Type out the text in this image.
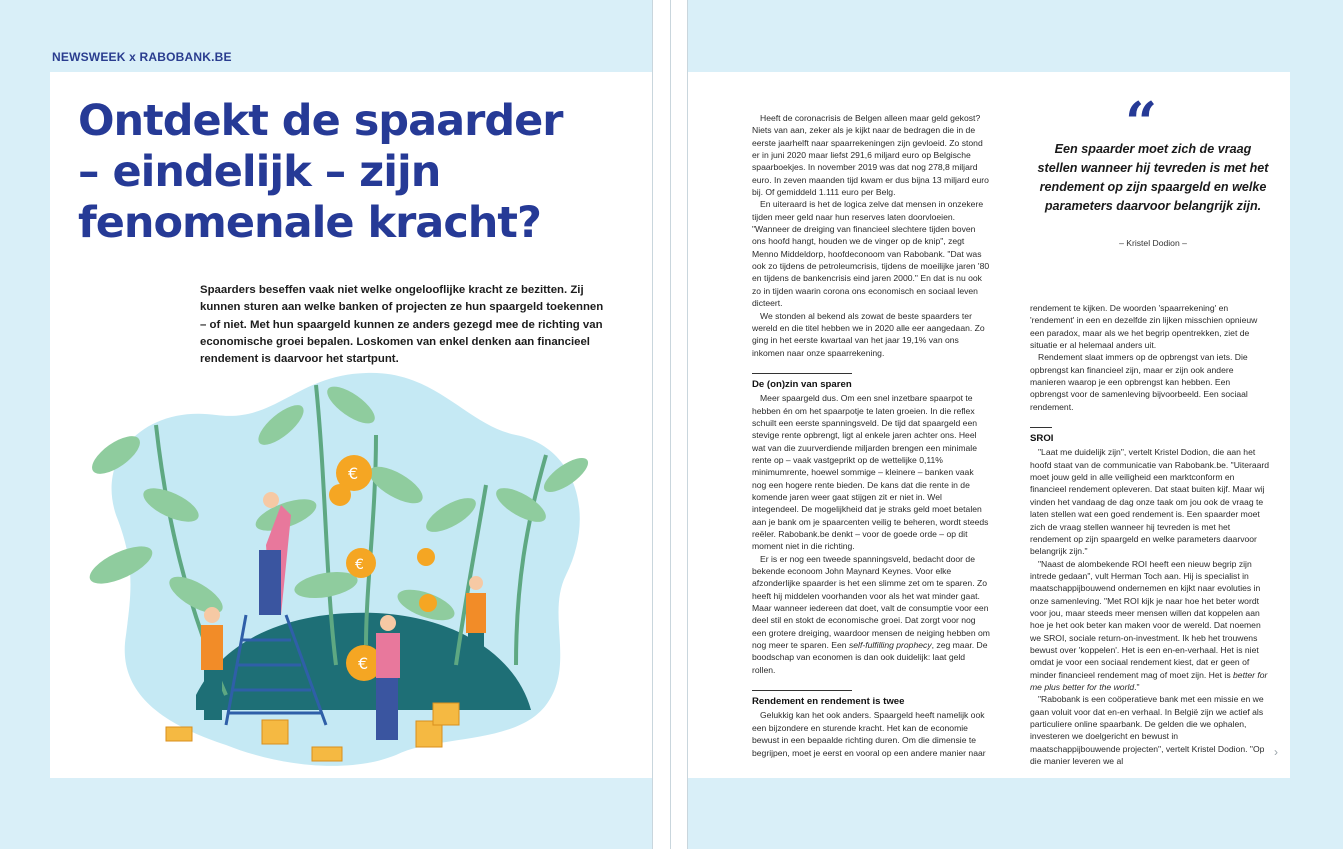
NEWSWEEK x RABOBANK.BE
Ontdekt de spaarder
– eindelijk – zijn
fenomenale kracht?

Spaarders beseffen vaak niet welke ongelooflijke kracht ze bezitten. Zij kunnen sturen aan welke banken of projecten ze hun spaargeld toekennen – of niet. Met hun spaargeld kunnen ze anders gezegd mee de richting van economische groei bepalen. Loskomen van enkel denken aan financieel rendement is daarvoor het startpunt.

€
€
€
“

Een spaarder moet zich de vraag stellen wanneer hij tevreden is met het rendement op zijn spaargeld en welke parameters daarvoor belangrijk zijn.

– Kristel Dodion –

Heeft de coronacrisis de Belgen alleen maar geld gekost? Niets van aan, zeker als je kijkt naar de bedragen die in de eerste jaarhelft naar spaarrekeningen zijn gevloeid. Zo stond er in juni 2020 maar liefst 291,6 miljard euro op Belgische spaarboekjes. In november 2019 was dat nog 278,8 miljard euro. In zeven maanden tijd kwam er dus bijna 13 miljard euro bij. Of gemiddeld 1.111 euro per Belg.

En uiteraard is het de logica zelve dat mensen in onzekere tijden meer geld naar hun reserves laten doorvloeien. "Wanneer de dreiging van financieel slechtere tijden boven ons hoofd hangt, houden we de vinger op de knip", zegt Menno Middeldorp, hoofdeconoom van Rabobank. "Dat was ook zo tijdens de petroleumcrisis, tijdens de moeilijke jaren '80 en tijdens de bankencrisis eind jaren 2000." En dat is nu ook zo in tijden waarin corona ons economisch en sociaal leven dicteert.

We stonden al bekend als zowat de beste spaarders ter wereld en die titel hebben we in 2020 alle eer aangedaan. Zo ging in het eerste kwartaal van het jaar 19,1% van ons inkomen naar onze spaarrekening.

De (on)zin van sparen

Meer spaargeld dus. Om een snel inzetbare spaarpot te hebben én om het spaarpotje te laten groeien. In die reflex schuilt een eerste spanningsveld. De tijd dat spaargeld een stevige rente opbrengt, ligt al enkele jaren achter ons. Heel wat van die zuurverdiende miljarden brengen een minimale rente op – vaak vastgeprikt op de wettelijke 0,11% minimumrente, hoewel sommige – kleinere – banken vaak nog een hogere rente bieden. De kans dat die rente in de komende jaren weer gaat stijgen zit er niet in. Wel integendeel. De mogelijkheid dat je straks geld moet betalen aan je bank om je spaarcenten veilig te beheren, wordt steeds reëler. Rabobank.be denkt – voor de goede orde – op dit moment niet in die richting.

Er is er nog een tweede spanningsveld, bedacht door de bekende econoom John Maynard Keynes. Voor elke afzonderlijke spaarder is het een slimme zet om te sparen. Zo heeft hij middelen voorhanden voor als het wat minder gaat. Maar wanneer iedereen dat doet, valt de consumptie voor een deel stil en stokt de economische groei. Dat zorgt voor nog een grotere dreiging, waardoor mensen de neiging hebben om nog meer te sparen. Een self-fulfilling prophecy, zeg maar. De boodschap van economen is dan ook duidelijk: laat geld rollen.

Rendement en rendement is twee

Gelukkig kan het ook anders. Spaargeld heeft namelijk ook een bijzondere en sturende kracht. Het kan de economie bewust in een bepaalde richting duren. Om die dimensie te begrijpen, moet je eerst en vooral op een andere manier naar

rendement te kijken. De woorden 'spaarrekening' en 'rendement' in een en dezelfde zin lijken misschien opnieuw een paradox, maar als we het begrip opentrekken, ziet de situatie er al helemaal anders uit.

Rendement slaat immers op de opbrengst van iets. Die opbrengst kan financieel zijn, maar er zijn ook andere manieren waarop je een opbrengst kan hebben. Een opbrengst voor de samenleving bijvoorbeeld. Een sociaal rendement.

SROI

"Laat me duidelijk zijn", vertelt Kristel Dodion, die aan het hoofd staat van de communicatie van Rabobank.be. "Uiteraard moet jouw geld in alle veiligheid een marktconform en financieel rendement opleveren. Dat staat buiten kijf. Maar wij vinden het vandaag de dag onze taak om jou ook de vraag te laten stellen wat een goed rendement is. Een spaarder moet zich de vraag stellen wanneer hij tevreden is met het rendement op zijn spaargeld en welke parameters daarvoor belangrijk zijn."

"Naast de alombekende ROI heeft een nieuw begrip zijn intrede gedaan", vult Herman Toch aan. Hij is specialist in maatschappijbouwend ondernemen en kijkt naar evoluties in onze samenleving. "Met ROI kijk je naar hoe het beter wordt voor jou, maar steeds meer mensen willen dat koppelen aan hoe je het ook beter kan maken voor de wereld. Dat noemen we SROI, sociale return-on-investment. Ik heb het trouwens bewust over 'koppelen'. Het is een en-en-verhaal. Het is niet omdat je voor een sociaal rendement kiest, dat er geen of minder financieel rendement mag of moet zijn. Het is better for me plus better for the world."

"Rabobank is een coöperatieve bank met een missie en we gaan voluit voor dat en-en verhaal. In België zijn we actief als particuliere online spaarbank. De gelden die we ophalen, investeren we doelgericht en bewust in maatschappijbouwende projecten", vertelt Kristel Dodion. "Op die manier leveren we al

›
